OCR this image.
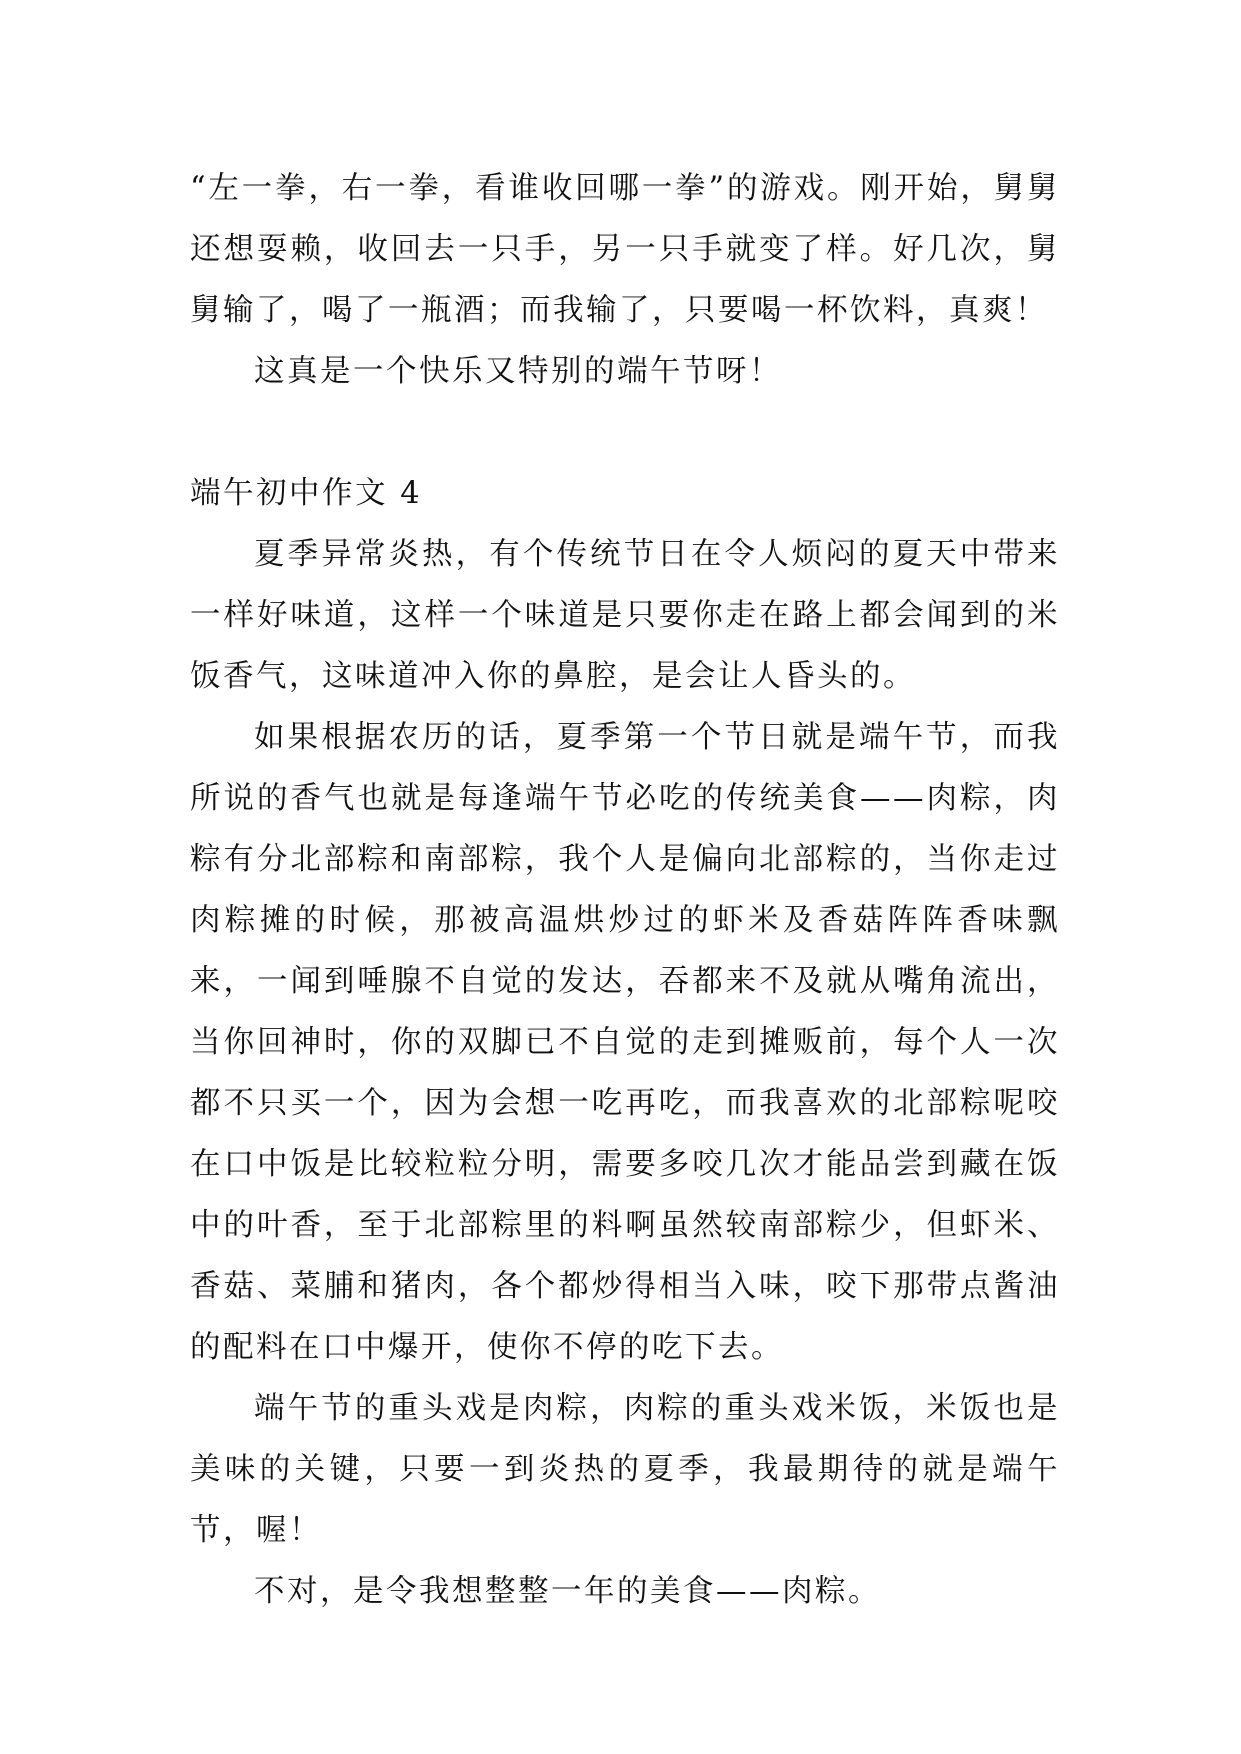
“左一拳，右一拳，看谁收回哪一拳”的游戏。刚开始，舅舅还想耍赖，收回去一只手，另一只手就变了样。好几次，舅舅输了，喝了一瓶酒；而我输了，只要喝一杯饮料，真爽！

这真是一个快乐又特别的端午节呀！

端午初中作文 4

夏季异常炎热，有个传统节日在令人烦闷的夏天中带来一样好味道，这样一个味道是只要你走在路上都会闻到的米饭香气，这味道冲入你的鼻腔，是会让人昏头的。

如果根据农历的话，夏季第一个节日就是端午节，而我所说的香气也就是每逢端午节必吃的传统美食——肉粽，肉粽有分北部粽和南部粽，我个人是偏向北部粽的，当你走过肉粽摊的时候，那被高温烘炒过的虾米及香菇阵阵香味飘来，一闻到唾腺不自觉的发达，吞都来不及就从嘴角流出，当你回神时，你的双脚已不自觉的走到摊贩前，每个人一次都不只买一个，因为会想一吃再吃，而我喜欢的北部粽呢咬在口中饭是比较粒粒分明，需要多咬几次才能品尝到藏在饭中的叶香，至于北部粽里的料啊虽然较南部粽少，但虾米、香菇、菜脯和猪肉，各个都炒得相当入味，咬下那带点酱油的配料在口中爆开，使你不停的吃下去。

端午节的重头戏是肉粽，肉粽的重头戏米饭，米饭也是美味的关键，只要一到炎热的夏季，我最期待的就是端午节，喔！

不对，是令我想整整一年的美食——肉粽。
